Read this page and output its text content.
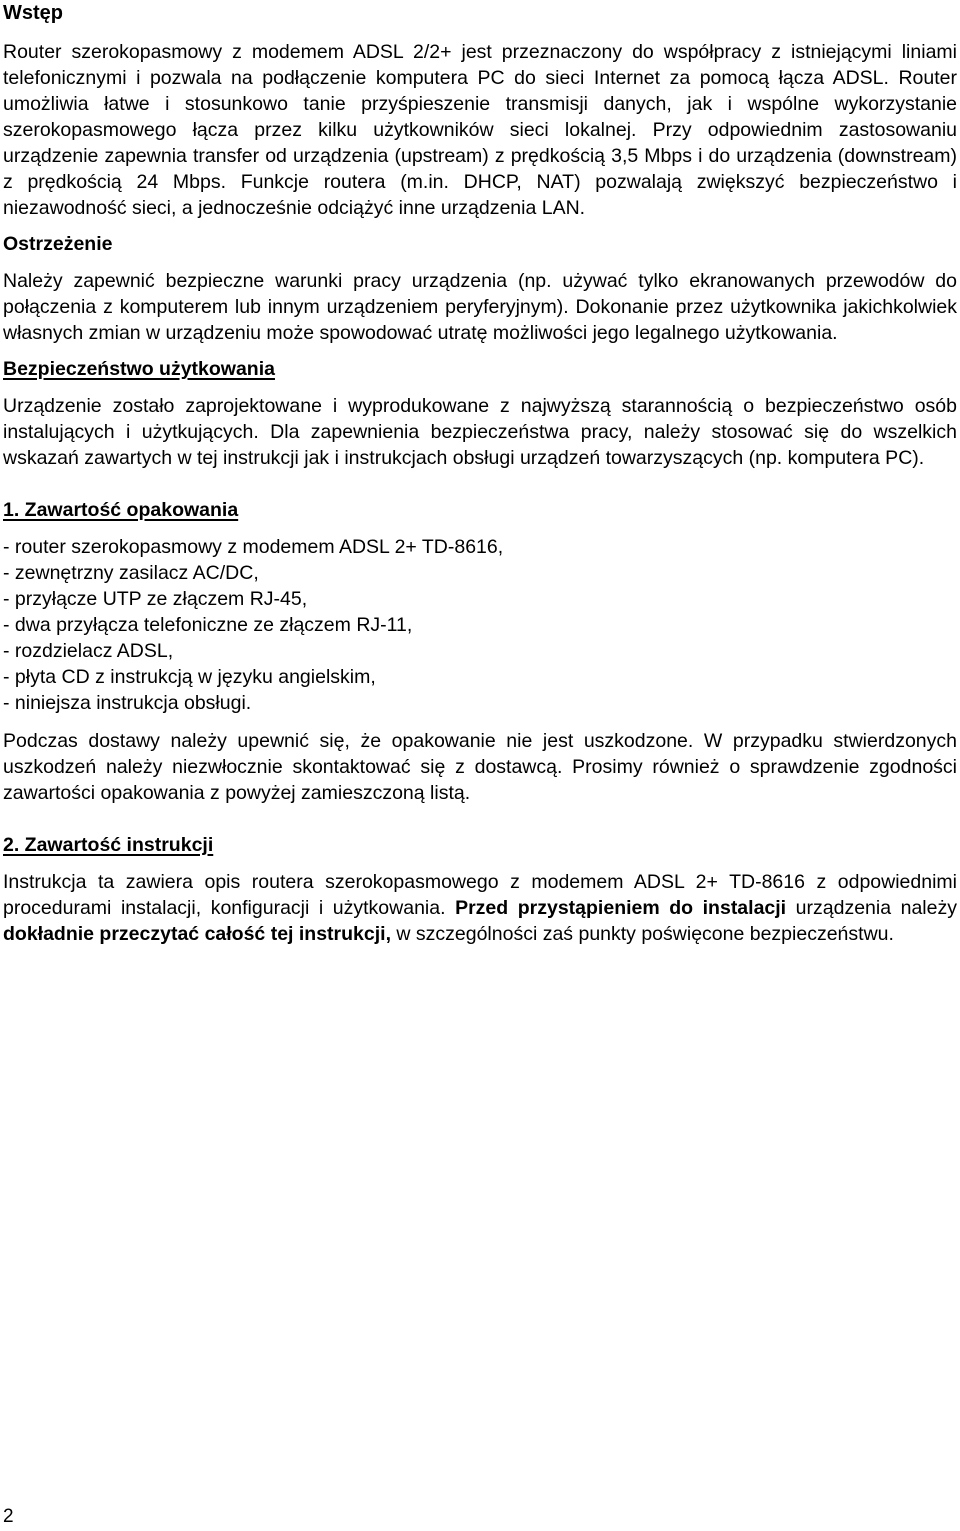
Wstęp

Router szerokopasmowy z modemem ADSL 2/2+ jest przeznaczony do współpracy z istniejącymi liniami telefonicznymi i pozwala na podłączenie komputera PC do sieci Internet za pomocą łącza ADSL. Router umożliwia łatwe i stosunkowo tanie przyśpieszenie transmisji danych, jak i wspólne wykorzystanie szerokopasmowego łącza przez kilku użytkowników sieci lokalnej. Przy odpowiednim zastosowaniu urządzenie zapewnia transfer od urządzenia (upstream) z prędkością 3,5 Mbps i do urządzenia (downstream) z prędkością 24 Mbps. Funkcje routera (m.in. DHCP, NAT) pozwalają zwiększyć bezpieczeństwo i niezawodność sieci, a jednocześnie odciążyć inne urządzenia LAN.

Ostrzeżenie

Należy zapewnić bezpieczne warunki pracy urządzenia (np. używać tylko ekranowanych przewodów do połączenia z komputerem lub innym urządzeniem peryferyjnym). Dokonanie przez użytkownika jakichkolwiek własnych zmian w urządzeniu może spowodować utratę możliwości jego legalnego użytkowania.

Bezpieczeństwo użytkowania

Urządzenie zostało zaprojektowane i wyprodukowane z najwyższą starannością o bezpieczeństwo osób instalujących i użytkujących. Dla zapewnienia bezpieczeństwa pracy, należy stosować się do wszelkich wskazań zawartych w tej instrukcji jak i instrukcjach obsługi urządzeń towarzyszących (np. komputera PC).

1. Zawartość opakowania
- router szerokopasmowy z modemem ADSL 2+ TD-8616,
- zewnętrzny zasilacz AC/DC,
- przyłącze UTP ze złączem RJ-45,
- dwa przyłącza telefoniczne ze złączem RJ-11,
- rozdzielacz ADSL,
- płyta CD z instrukcją w języku angielskim,
- niniejsza instrukcja obsługi.

Podczas dostawy należy upewnić się, że opakowanie nie jest uszkodzone. W przypadku stwierdzonych uszkodzeń należy niezwłocznie skontaktować się z dostawcą. Prosimy również o sprawdzenie zgodności zawartości opakowania z powyżej zamieszczoną listą.

2. Zawartość instrukcji

Instrukcja ta zawiera opis routera szerokopasmowego z modemem ADSL 2+ TD-8616 z odpowiednimi procedurami instalacji, konfiguracji i użytkowania. Przed przystąpieniem do instalacji urządzenia należy dokładnie przeczytać całość tej instrukcji, w szczególności zaś punkty poświęcone bezpieczeństwu.

2
